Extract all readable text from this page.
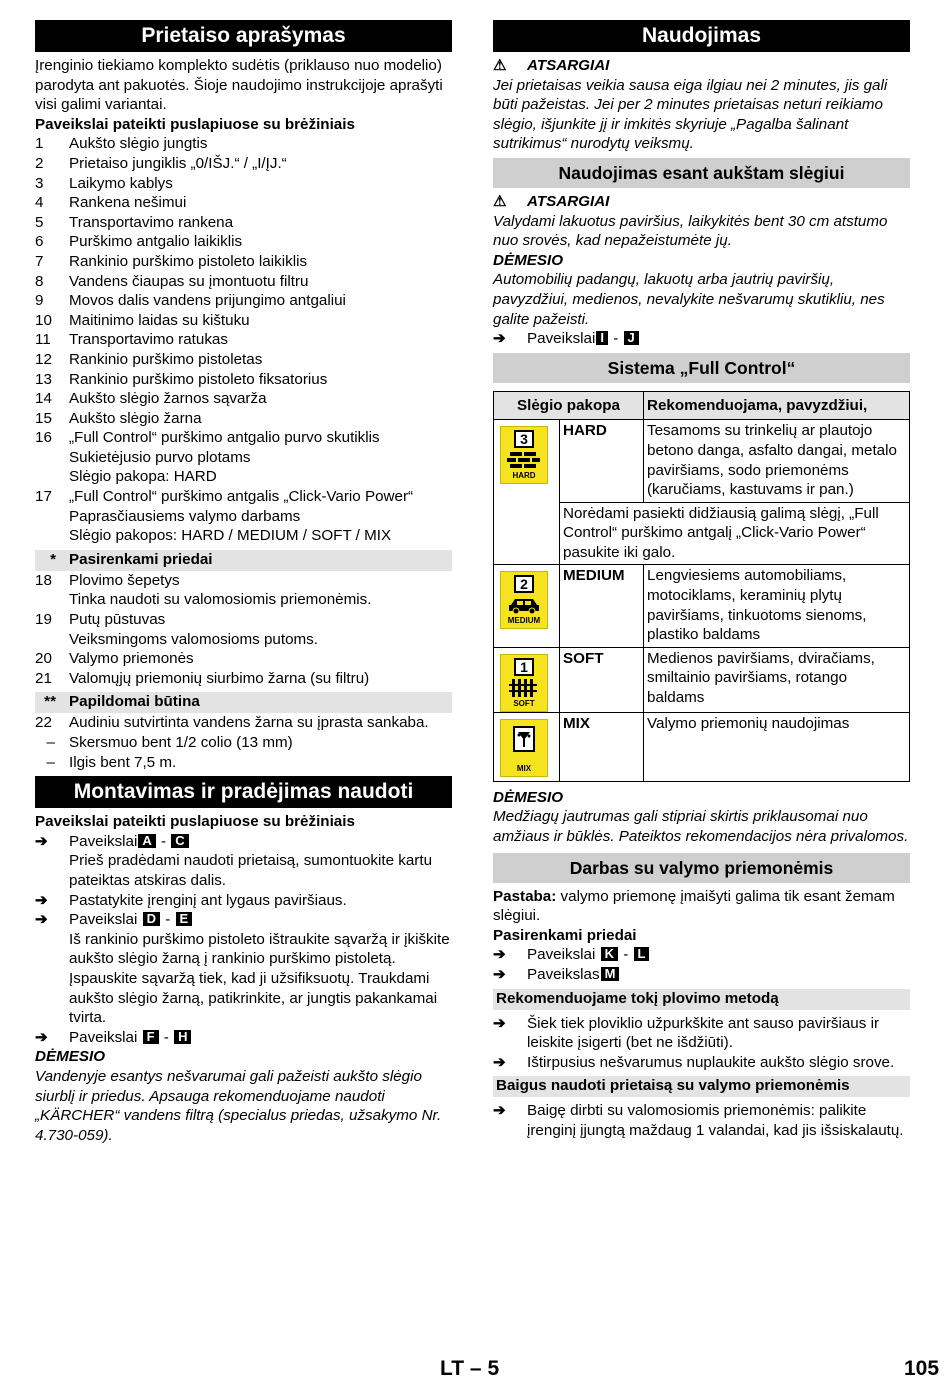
Prietaiso aprašymas
Įrenginio tiekiamo komplekto sudėtis (priklauso nuo modelio) parodyta ant pakuotės. Šioje naudojimo instrukcijoje aprašyti visi galimi variantai.
Paveikslai pateikti puslapiuose su brėžiniais
1	Aukšto slėgio jungtis
2	Prietaiso jungiklis „0/IŠJ.“ / „I/ĮJ.“
3	Laikymo kablys
4	Rankena nešimui
5	Transportavimo rankena
6	Purškimo antgalio laikiklis
7	Rankinio purškimo pistoleto laikiklis
8	Vandens čiaupas su įmontuotu filtru
9	Movos dalis vandens prijungimo antgaliui
10	Maitinimo laidas su kištuku
11	Transportavimo ratukas
12	Rankinio purškimo pistoletas
13	Rankinio purškimo pistoleto fiksatorius
14	Aukšto slėgio žarnos sąvarža
15	Aukšto slėgio žarna
16	„Full Control“ purškimo antgalio purvo skutiklis
Sukietėjusio purvo plotams
Slėgio pakopa: HARD
17	„Full Control“ purškimo antgalis „Click-Vario Power“
Paprasčiausiems valymo darbams
Slėgio pakopos: HARD / MEDIUM / SOFT / MIX
* Pasirenkami priedai
18	Plovimo šepetys
Tinka naudoti su valomosiomis priemonėmis.
19	Putų pūstuvas
Veiksmingoms valomosioms putoms.
20	Valymo priemonės
21	Valomųjų priemonių siurbimo žarna (su filtru)
** Papildomai būtina
22	Audiniu sutvirtinta vandens žarna su įprasta sankaba.
– Skersmuo bent 1/2 colio (13 mm)
– Ilgis bent 7,5 m.
Montavimas ir pradėjimas naudoti
Paveikslai pateikti puslapiuose su brėžiniais
➔	Paveikslai A - C
Prieš pradėdami naudoti prietaisą, sumontuokite kartu pateiktas atskiras dalis.
➔	Pastatykite įrenginį ant lygaus paviršiaus.
➔	Paveikslai D - E
Iš rankinio purškimo pistoleto ištraukite sąvaržą ir įkiškite aukšto slėgio žarną į rankinio purškimo pistoletą.
Įspauskite sąvaržą tiek, kad ji užsifiksuotų. Traukdami aukšto slėgio žarną, patikrinkite, ar jungtis pakankamai tvirta.
➔	Paveikslai F - H
DĖMESIO
Vandenyje esantys nešvarumai gali pažeisti aukšto slėgio siurblį ir priedus. Apsauga rekomenduojame naudoti „KÄRCHER“ vandens filtrą (specialus priedas, užsakymo Nr. 4.730-059).
Naudojimas
⚠	ATSARGIAI
Jei prietaisas veikia sausa eiga ilgiau nei 2 minutes, jis gali būti pažeistas. Jei per 2 minutes prietaisas neturi reikiamo slėgio, išjunkite jį ir imkitės skyriuje „Pagalba šalinant sutrikimus“ nurodytų veiksmų.
Naudojimas esant aukštam slėgiui
⚠	ATSARGIAI
Valydami lakuotus paviršius, laikykitės bent 30 cm atstumo nuo srovės, kad nepažeistumėte jų.
DĖMESIO
Automobilių padangų, lakuotų arba jautrių paviršių, pavyzdžiui, medienos, nevalykite nešvarumų skutikliu, nes galite pažeisti.
➔	Paveikslai I - J
Sistema „Full Control“
Slėgio pakopa		Rekomenduojama, pavyzdžiui,

3
HARD	HARD	Tesamoms su trinkelių ar plautojo betono danga, asfalto dangai, metalo paviršiams, sodo priemonėms (karučiams, kastuvams ir pan.)
	Norėdami pasiekti didžiausią galimą slėgį, „Full Control“ purškimo antgalį „Click-Vario Power“ pasukite iki galo.	

2
MEDIUM	MEDIUM	Lengviesiems automobiliams, motociklams, keraminių plytų paviršiams, tinkuotoms sienoms, plastiko baldams

1
SOFT	SOFT	Medienos paviršiams, dviračiams, smiltainio paviršiams, rotango baldams

MIX	MIX	Valymo priemonių naudojimas
DĖMESIO
Medžiagų jautrumas gali stipriai skirtis priklausomai nuo amžiaus ir būklės. Pateiktos rekomendacijos nėra privalomos.
Darbas su valymo priemonėmis
Pastaba: valymo priemonę įmaišyti galima tik esant žemam slėgiui.
Pasirenkami priedai
➔	Paveikslai K - L
➔	Paveikslas M
Rekomenduojame tokį plovimo metodą
➔	Šiek tiek ploviklio užpurkškite ant sauso paviršiaus ir leiskite įsigerti (bet ne išdžiūti).
➔	Ištirpusius nešvarumus nuplaukite aukšto slėgio srove.
Baigus naudoti prietaisą su valymo priemonėmis
➔	Baigę dirbti su valomosiomis priemonėmis: palikite įrenginį įjungtą maždaug 1 valandai, kad jis išsiskalautų.
LT – 5	105
